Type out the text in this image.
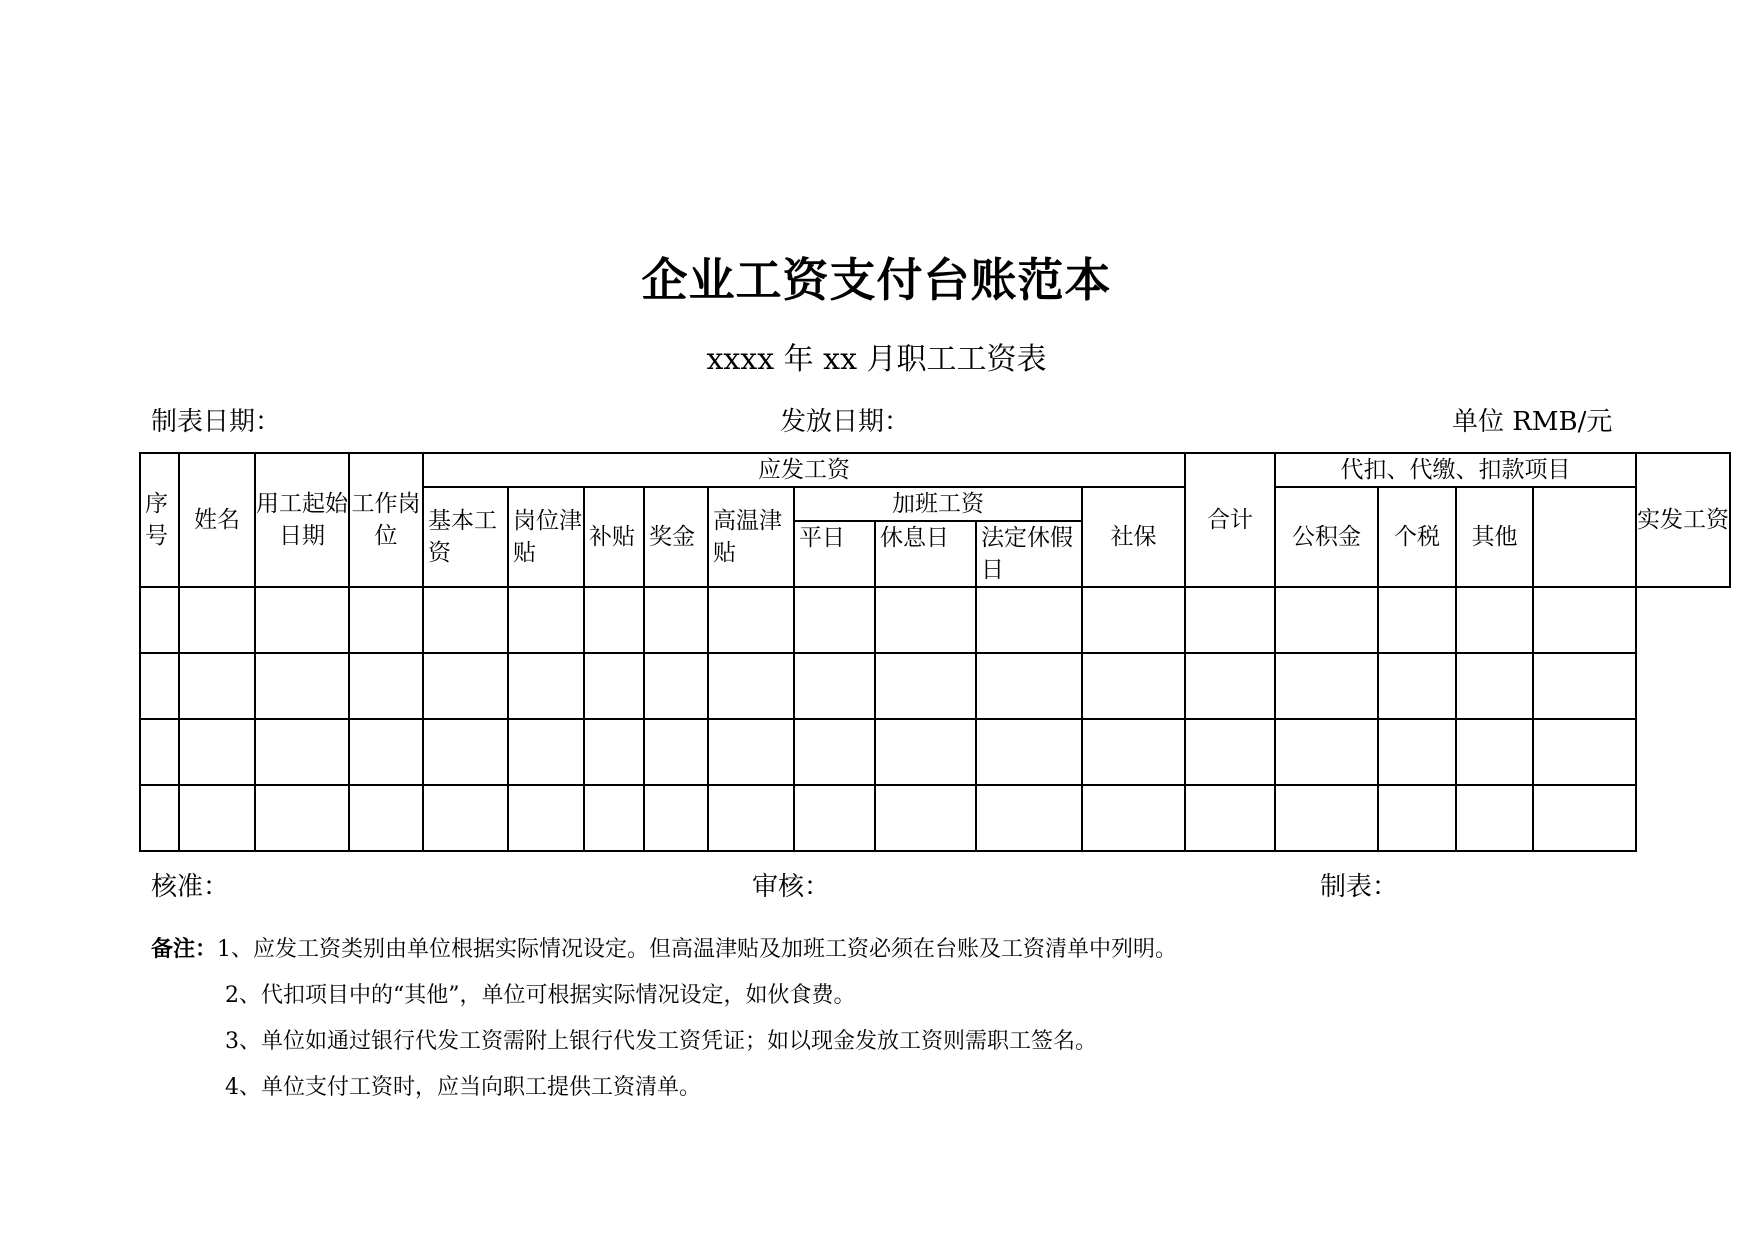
企业工资支付台账范本
xxxx 年 xx 月职工工资表
制表日期：	发放日期：	单位 RMB/元
序号	姓名	用工起始日期	工作岗位	应发工资									合计	代扣、代缴、扣款项目				实发工资
				基本工资	岗位津贴	补贴	奖金	高温津贴	加班工资			社保		公积金	个税	其他		
									平日	休息日	法定休假日							

核准：	审核：	制表：
备注：1、应发工资类别由单位根据实际情况设定。但高温津贴及加班工资必须在台账及工资清单中列明。
2、代扣项目中的“其他”，单位可根据实际情况设定，如伙食费。
3、单位如通过银行代发工资需附上银行代发工资凭证；如以现金发放工资则需职工签名。
4、单位支付工资时，应当向职工提供工资清单。
